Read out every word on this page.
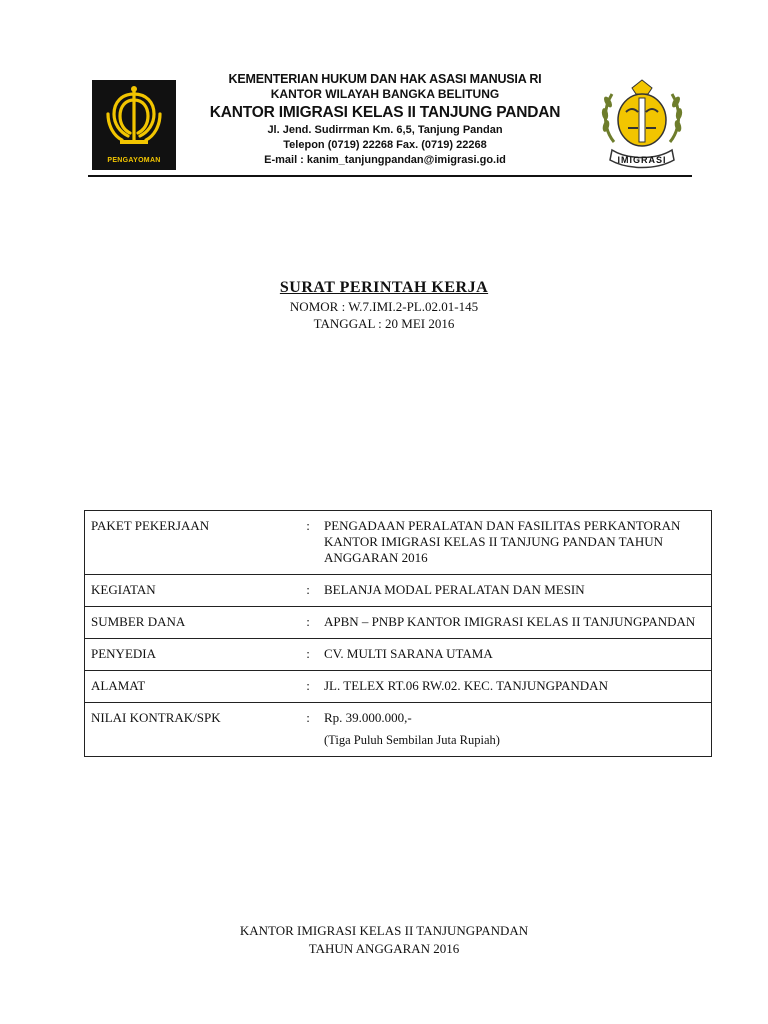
PENGAYOMAN
KEMENTERIAN HUKUM DAN HAK ASASI MANUSIA RI
KANTOR WILAYAH BANGKA BELITUNG
KANTOR IMIGRASI KELAS II TANJUNG PANDAN
Jl. Jend. Sudirrman Km. 6,5, Tanjung Pandan
Telepon (0719) 22268 Fax. (0719) 22268
E-mail : kanim_tanjungpandan@imigrasi.go.id	IMIGRASI
SURAT PERINTAH KERJA
NOMOR : W.7.IMI.2-PL.02.01-145
TANGGAL : 20 MEI 2016
PAKET PEKERJAAN	:	PENGADAAN PERALATAN DAN FASILITAS PERKANTORAN KANTOR IMIGRASI KELAS II TANJUNG PANDAN TAHUN ANGGARAN 2016
KEGIATAN	:	BELANJA MODAL PERALATAN DAN MESIN
SUMBER DANA	:	APBN – PNBP KANTOR IMIGRASI KELAS II TANJUNGPANDAN
PENYEDIA	:	CV. MULTI SARANA UTAMA
ALAMAT	:	JL. TELEX RT.06 RW.02. KEC. TANJUNGPANDAN
NILAI KONTRAK/SPK	:	Rp. 39.000.000,-
(Tiga Puluh Sembilan Juta Rupiah)
KANTOR IMIGRASI KELAS II TANJUNGPANDAN
TAHUN ANGGARAN 2016
